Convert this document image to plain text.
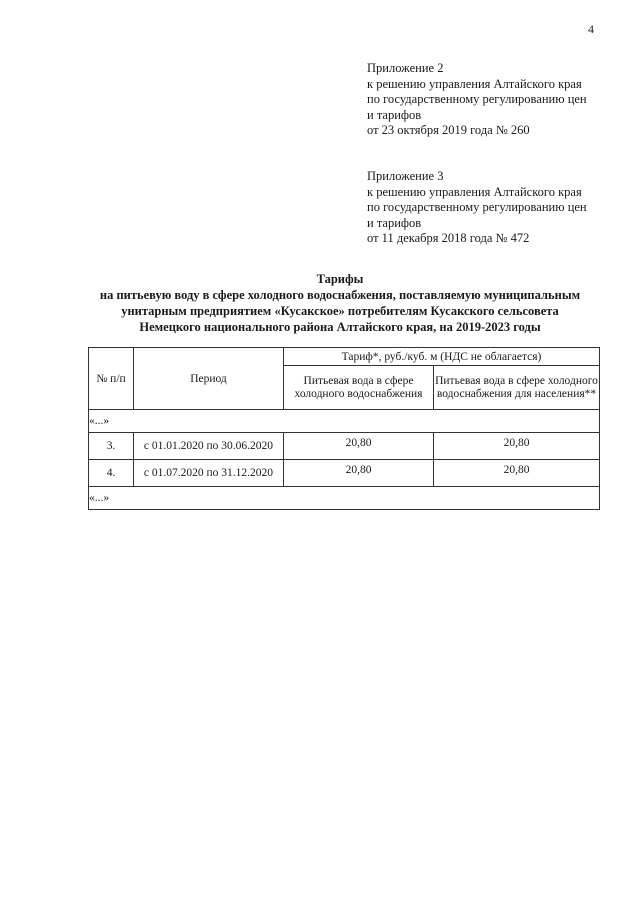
4
Приложение 2
к решению управления Алтайского края
по государственному регулированию цен
и тарифов
от 23 октября 2019 года № 260
Приложение 3
к решению управления Алтайского края
по государственному регулированию цен
и тарифов
от 11 декабря 2018 года № 472
Тарифы
на питьевую воду в сфере холодного водоснабжения, поставляемую муниципальным
унитарным предприятием «Кусакское» потребителям Кусакского сельсовета
Немецкого национального района Алтайского края, на 2019-2023 годы
№ п/п	Период	Тариф*, руб./куб. м (НДС не облагается)	
		Питьевая вода в сфере холодного водоснабжения	Питьевая вода в сфере холодного водоснабжения для населения**
«...»			
3.	с 01.01.2020 по 30.06.2020	20,80	20,80
4.	с 01.07.2020 по 31.12.2020	20,80	20,80
«...»			
